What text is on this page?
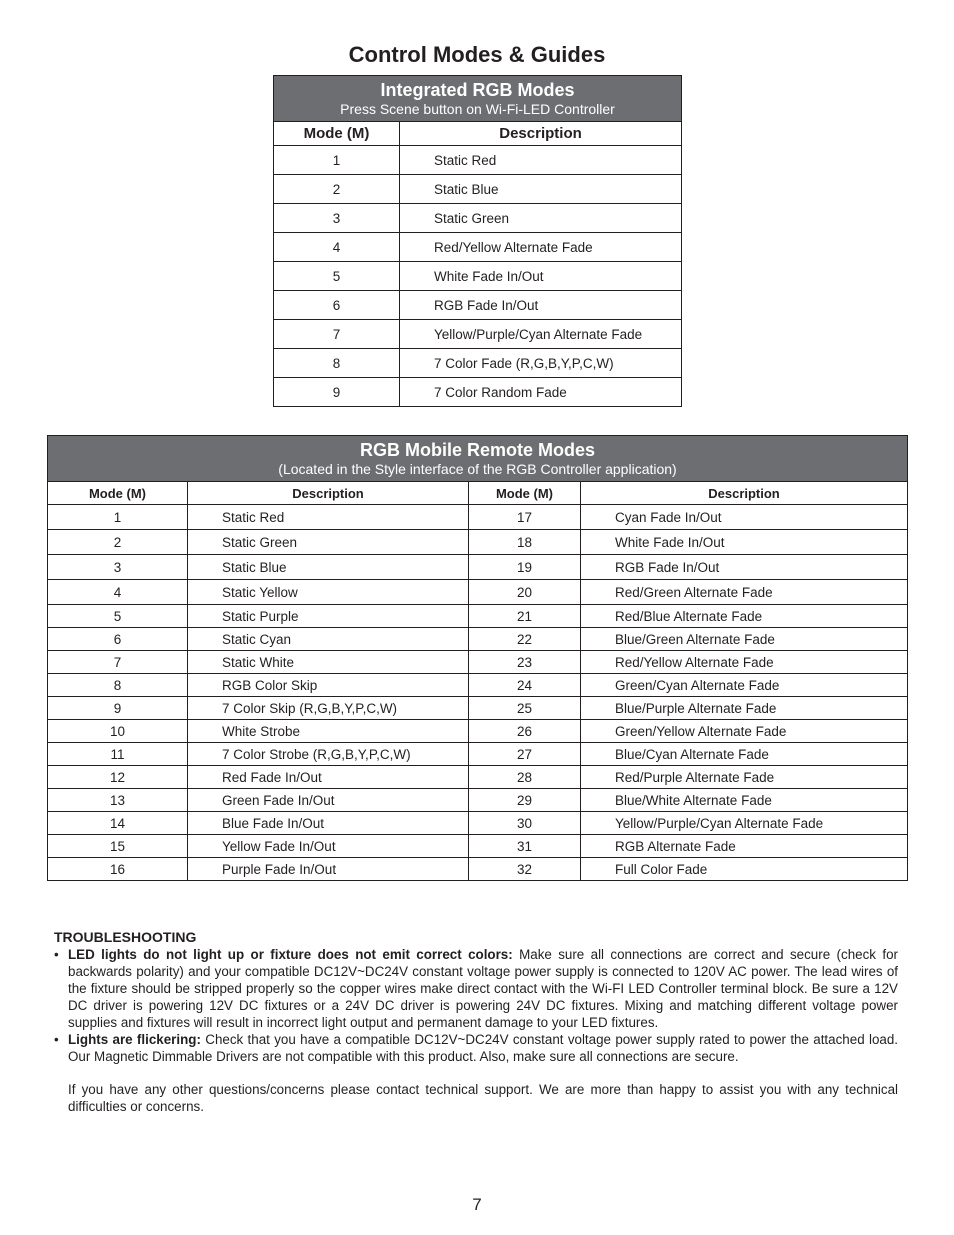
Control Modes & Guides
Integrated RGB Modes
Press Scene button on Wi-Fi-LED Controller	

Mode (M)	Description
1	Static Red
2	Static Blue
3	Static Green
4	Red/Yellow Alternate Fade
5	White Fade In/Out
6	RGB Fade In/Out
7	Yellow/Purple/Cyan Alternate Fade
8	7 Color Fade (R,G,B,Y,P,C,W)
9	7 Color Random Fade
RGB Mobile Remote Modes
(Located in the Style interface of the RGB Controller application)			

Mode (M)	Description	Mode (M)	Description
1	Static Red	17	Cyan Fade In/Out
2	Static Green	18	White Fade In/Out
3	Static Blue	19	RGB Fade In/Out
4	Static Yellow	20	Red/Green Alternate Fade
5	Static Purple	21	Red/Blue Alternate Fade
6	Static Cyan	22	Blue/Green Alternate Fade
7	Static White	23	Red/Yellow Alternate Fade
8	RGB Color Skip	24	Green/Cyan Alternate Fade
9	7 Color Skip (R,G,B,Y,P,C,W)	25	Blue/Purple Alternate Fade
10	White Strobe	26	Green/Yellow Alternate Fade
11	7 Color Strobe (R,G,B,Y,P,C,W)	27	Blue/Cyan Alternate Fade
12	Red Fade In/Out	28	Red/Purple Alternate Fade
13	Green Fade In/Out	29	Blue/White Alternate Fade
14	Blue Fade In/Out	30	Yellow/Purple/Cyan Alternate Fade
15	Yellow Fade In/Out	31	RGB Alternate Fade
16	Purple Fade In/Out	32	Full Color Fade
TROUBLESHOOTING
• LED lights do not light up or fixture does not emit correct colors: Make sure all connections are correct and secure (check for backwards polarity) and your compatible DC12V~DC24V constant voltage power supply is connected to 120V AC power. The lead wires of the fixture should be stripped properly so the copper wires make direct contact with the Wi-FI LED Controller terminal block. Be sure a 12V DC driver is powering 12V DC fixtures or a 24V DC driver is powering 24V DC fixtures. Mixing and matching different voltage power supplies and fixtures will result in incorrect light output and permanent damage to your LED fixtures.
• Lights are flickering: Check that you have a compatible DC12V~DC24V constant voltage power supply rated to power the attached load. Our Magnetic Dimmable Drivers are not compatible with this product. Also, make sure all connections are secure.

If you have any other questions/concerns please contact technical support. We are more than happy to assist you with any technical difficulties or concerns.

7
